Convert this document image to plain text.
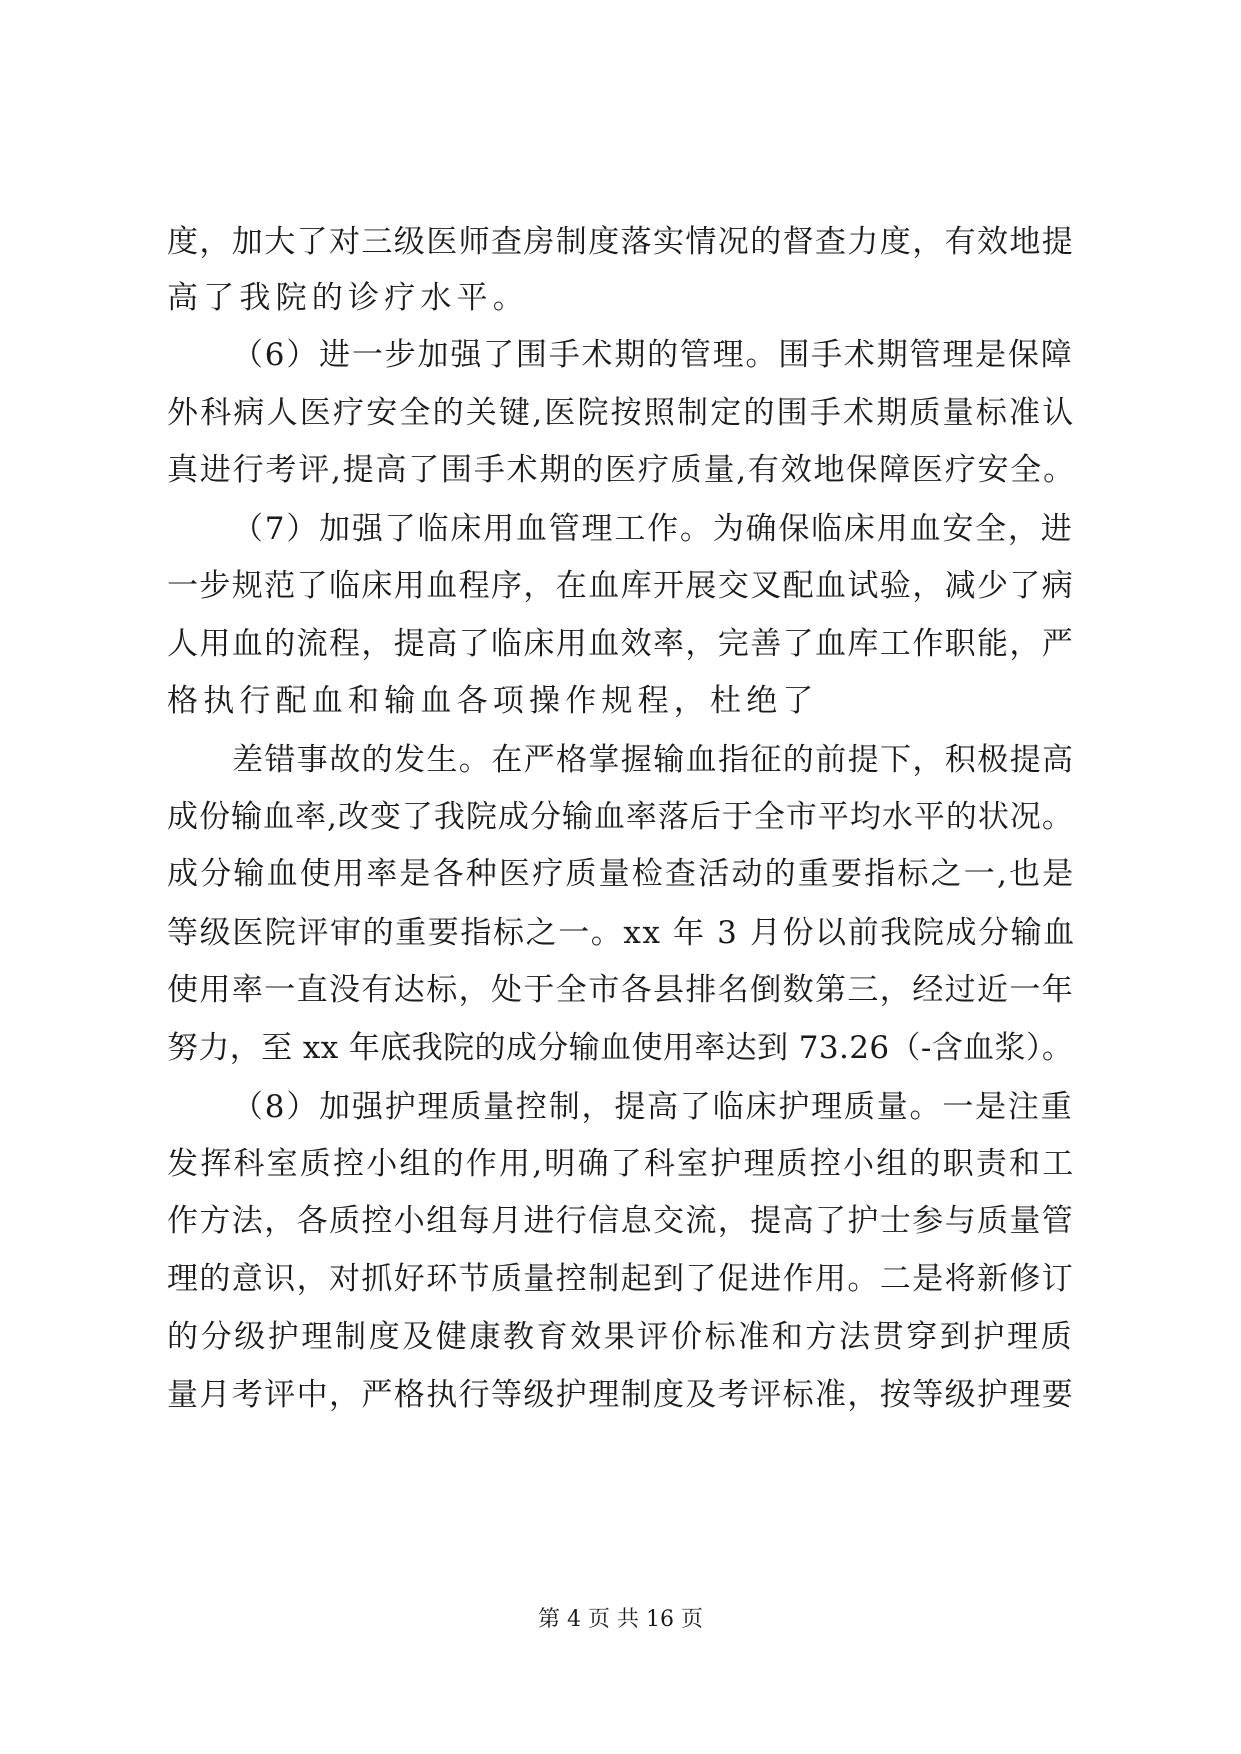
度，加大了对三级医师查房制度落实情况的督查力度，有效地提
高了我院的诊疗水平。
（6）进一步加强了围手术期的管理。围手术期管理是保障
外科病人医疗安全的关键,医院按照制定的围手术期质量标准认
真进行考评,提高了围手术期的医疗质量,有效地保障医疗安全。
（7）加强了临床用血管理工作。为确保临床用血安全，进
一步规范了临床用血程序，在血库开展交叉配血试验，减少了病
人用血的流程，提高了临床用血效率，完善了血库工作职能，严
格执行配血和输血各项操作规程，杜绝了
差错事故的发生。在严格掌握输血指征的前提下，积极提高
成份输血率,改变了我院成分输血率落后于全市平均水平的状况。
成分输血使用率是各种医疗质量检查活动的重要指标之一,也是
等级医院评审的重要指标之一。xx 年 3 月份以前我院成分输血
使用率一直没有达标，处于全市各县排名倒数第三，经过近一年
努力，至 xx 年底我院的成分输血使用率达到 73.26（-含血浆）。
（8）加强护理质量控制，提高了临床护理质量。一是注重
发挥科室质控小组的作用,明确了科室护理质控小组的职责和工
作方法，各质控小组每月进行信息交流，提高了护士参与质量管
理的意识，对抓好环节质量控制起到了促进作用。二是将新修订
的分级护理制度及健康教育效果评价标准和方法贯穿到护理质
量月考评中，严格执行等级护理制度及考评标准，按等级护理要
第 4 页 共 16 页
